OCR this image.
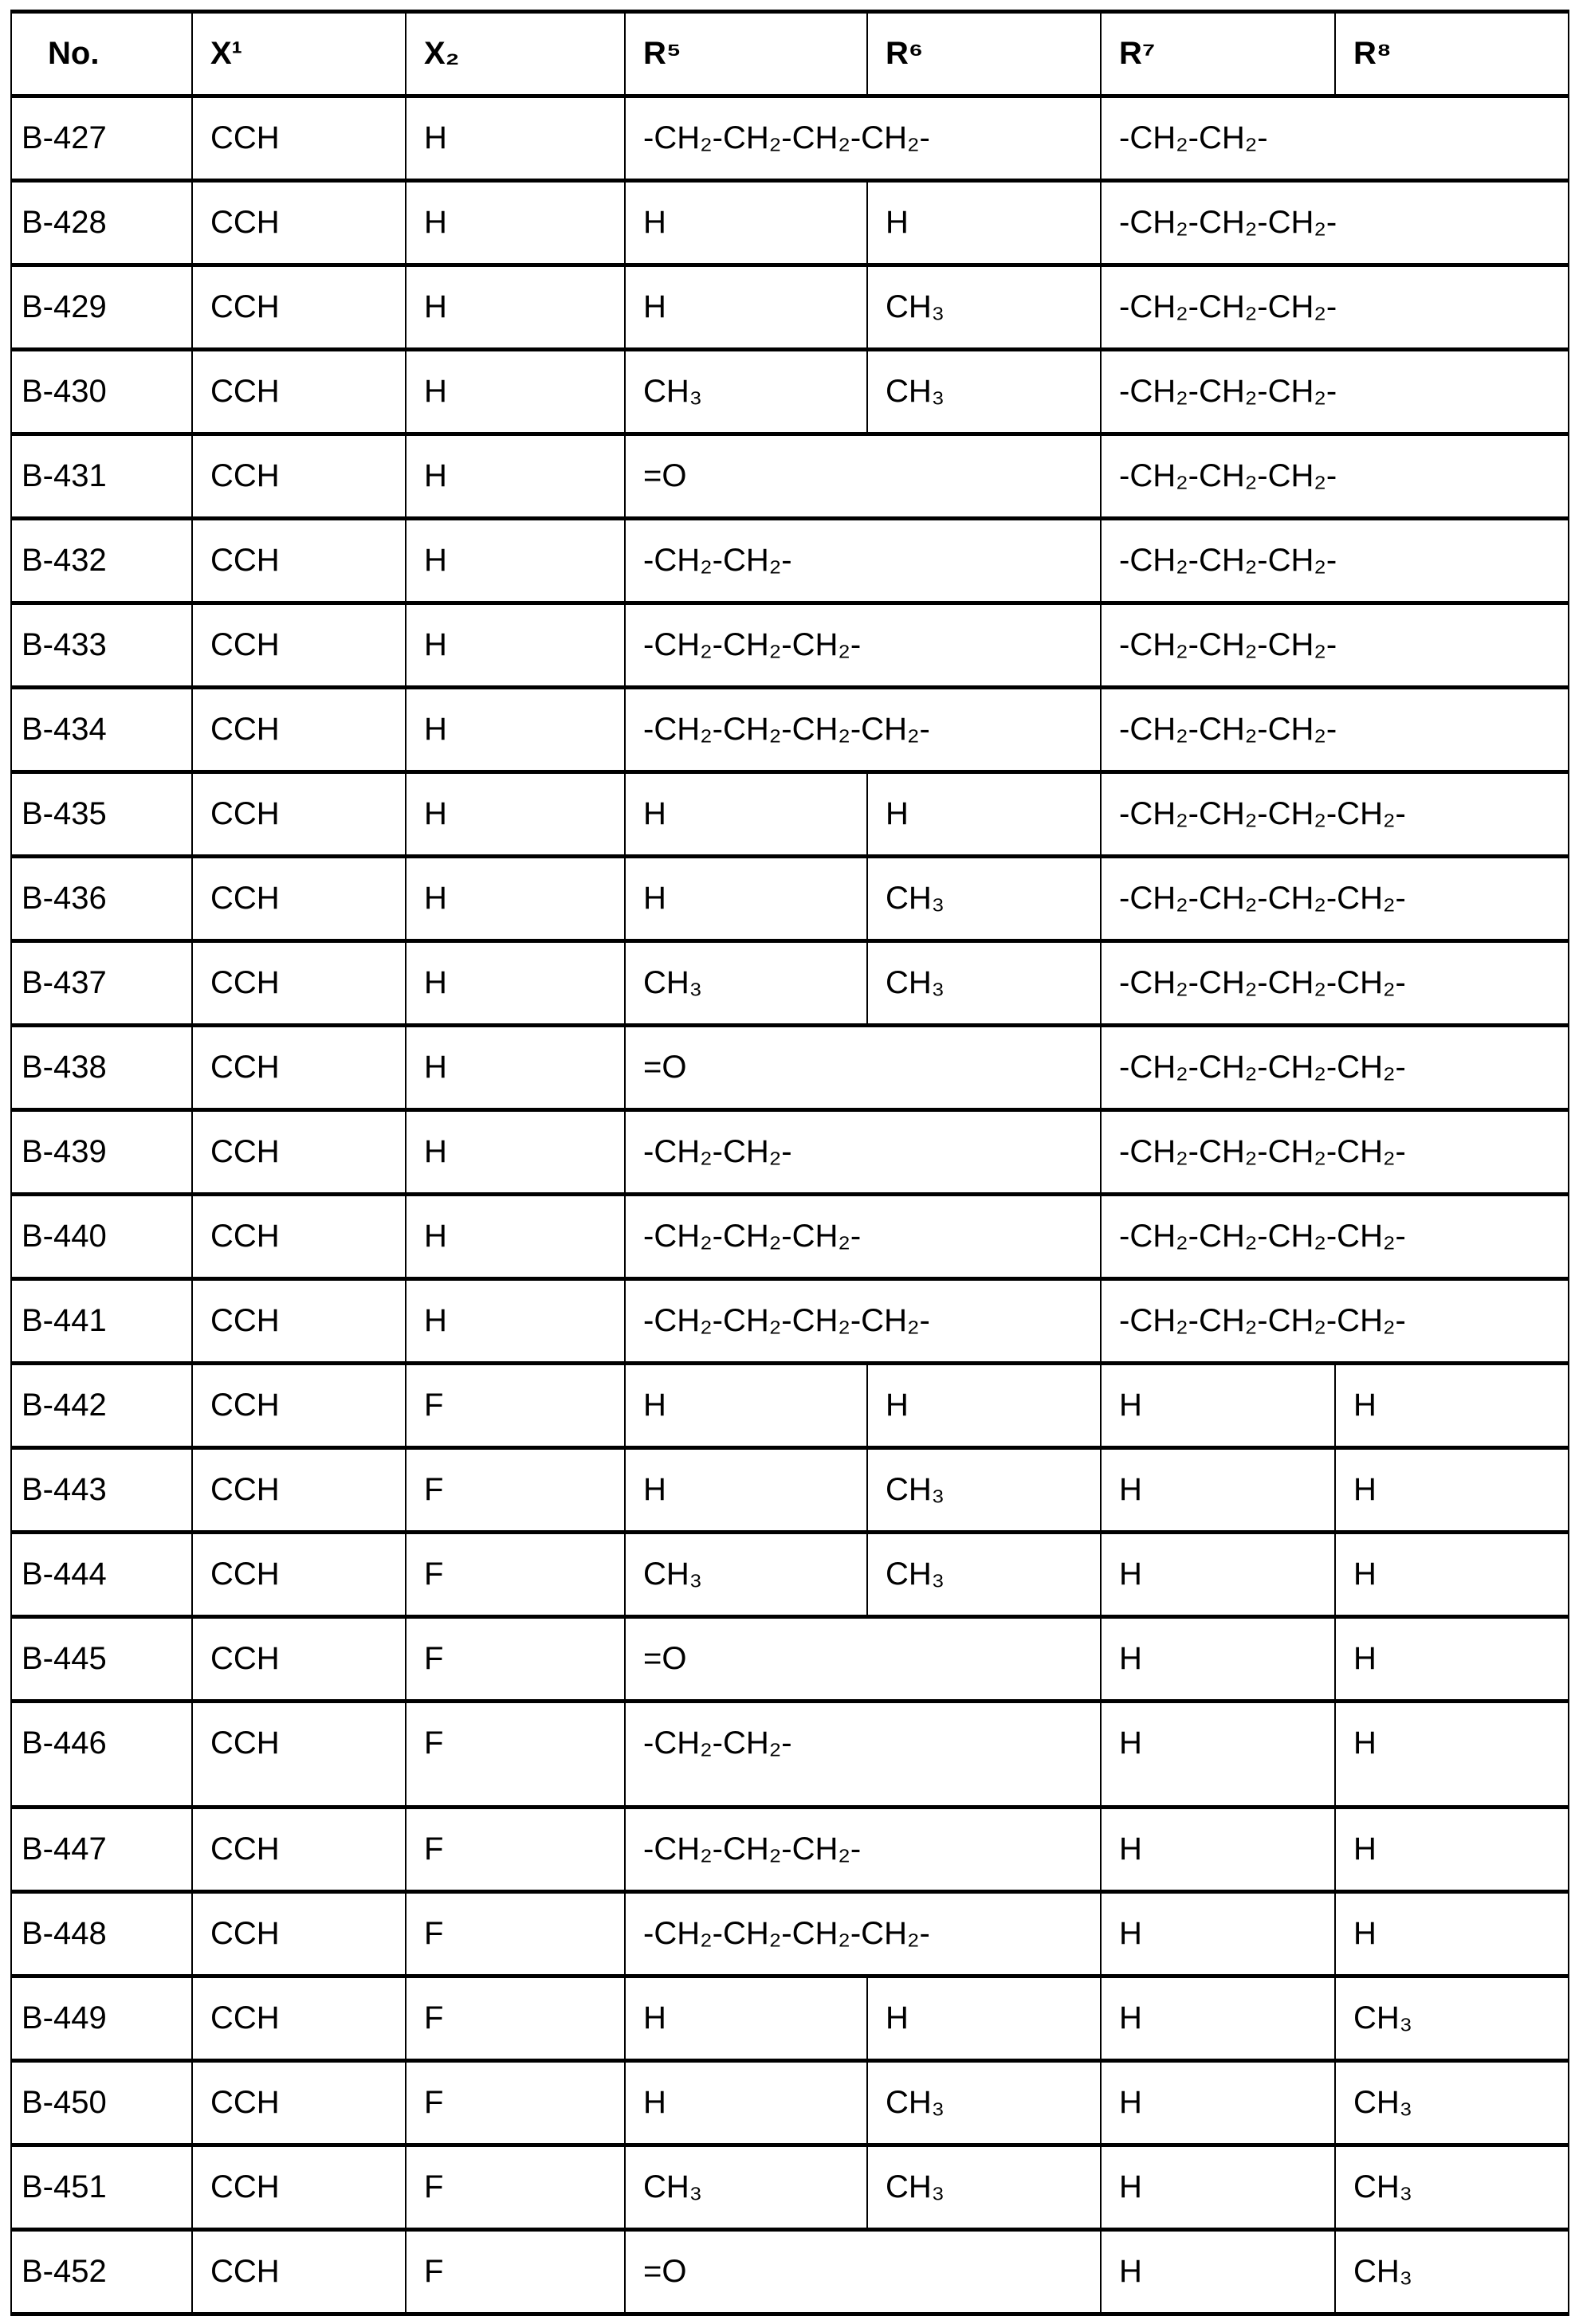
No.	X¹	X₂	R⁵	R⁶	R⁷	R⁸
B-427	CCH	H	-CH₂-CH₂-CH₂-CH₂-	-CH₂-CH₂-
B-428	CCH	H	H	H	-CH₂-CH₂-CH₂-
B-429	CCH	H	H	CH₃	-CH₂-CH₂-CH₂-
B-430	CCH	H	CH₃	CH₃	-CH₂-CH₂-CH₂-
B-431	CCH	H	=O	-CH₂-CH₂-CH₂-
B-432	CCH	H	-CH₂-CH₂-	-CH₂-CH₂-CH₂-
B-433	CCH	H	-CH₂-CH₂-CH₂-	-CH₂-CH₂-CH₂-
B-434	CCH	H	-CH₂-CH₂-CH₂-CH₂-	-CH₂-CH₂-CH₂-
B-435	CCH	H	H	H	-CH₂-CH₂-CH₂-CH₂-
B-436	CCH	H	H	CH₃	-CH₂-CH₂-CH₂-CH₂-
B-437	CCH	H	CH₃	CH₃	-CH₂-CH₂-CH₂-CH₂-
B-438	CCH	H	=O	-CH₂-CH₂-CH₂-CH₂-
B-439	CCH	H	-CH₂-CH₂-	-CH₂-CH₂-CH₂-CH₂-
B-440	CCH	H	-CH₂-CH₂-CH₂-	-CH₂-CH₂-CH₂-CH₂-
B-441	CCH	H	-CH₂-CH₂-CH₂-CH₂-	-CH₂-CH₂-CH₂-CH₂-
B-442	CCH	F	H	H	H	H
B-443	CCH	F	H	CH₃	H	H
B-444	CCH	F	CH₃	CH₃	H	H
B-445	CCH	F	=O	H	H
B-446	CCH	F	-CH₂-CH₂-	H	H
B-447	CCH	F	-CH₂-CH₂-CH₂-	H	H
B-448	CCH	F	-CH₂-CH₂-CH₂-CH₂-	H	H
B-449	CCH	F	H	H	H	CH₃
B-450	CCH	F	H	CH₃	H	CH₃
B-451	CCH	F	CH₃	CH₃	H	CH₃
B-452	CCH	F	=O	H	CH₃
